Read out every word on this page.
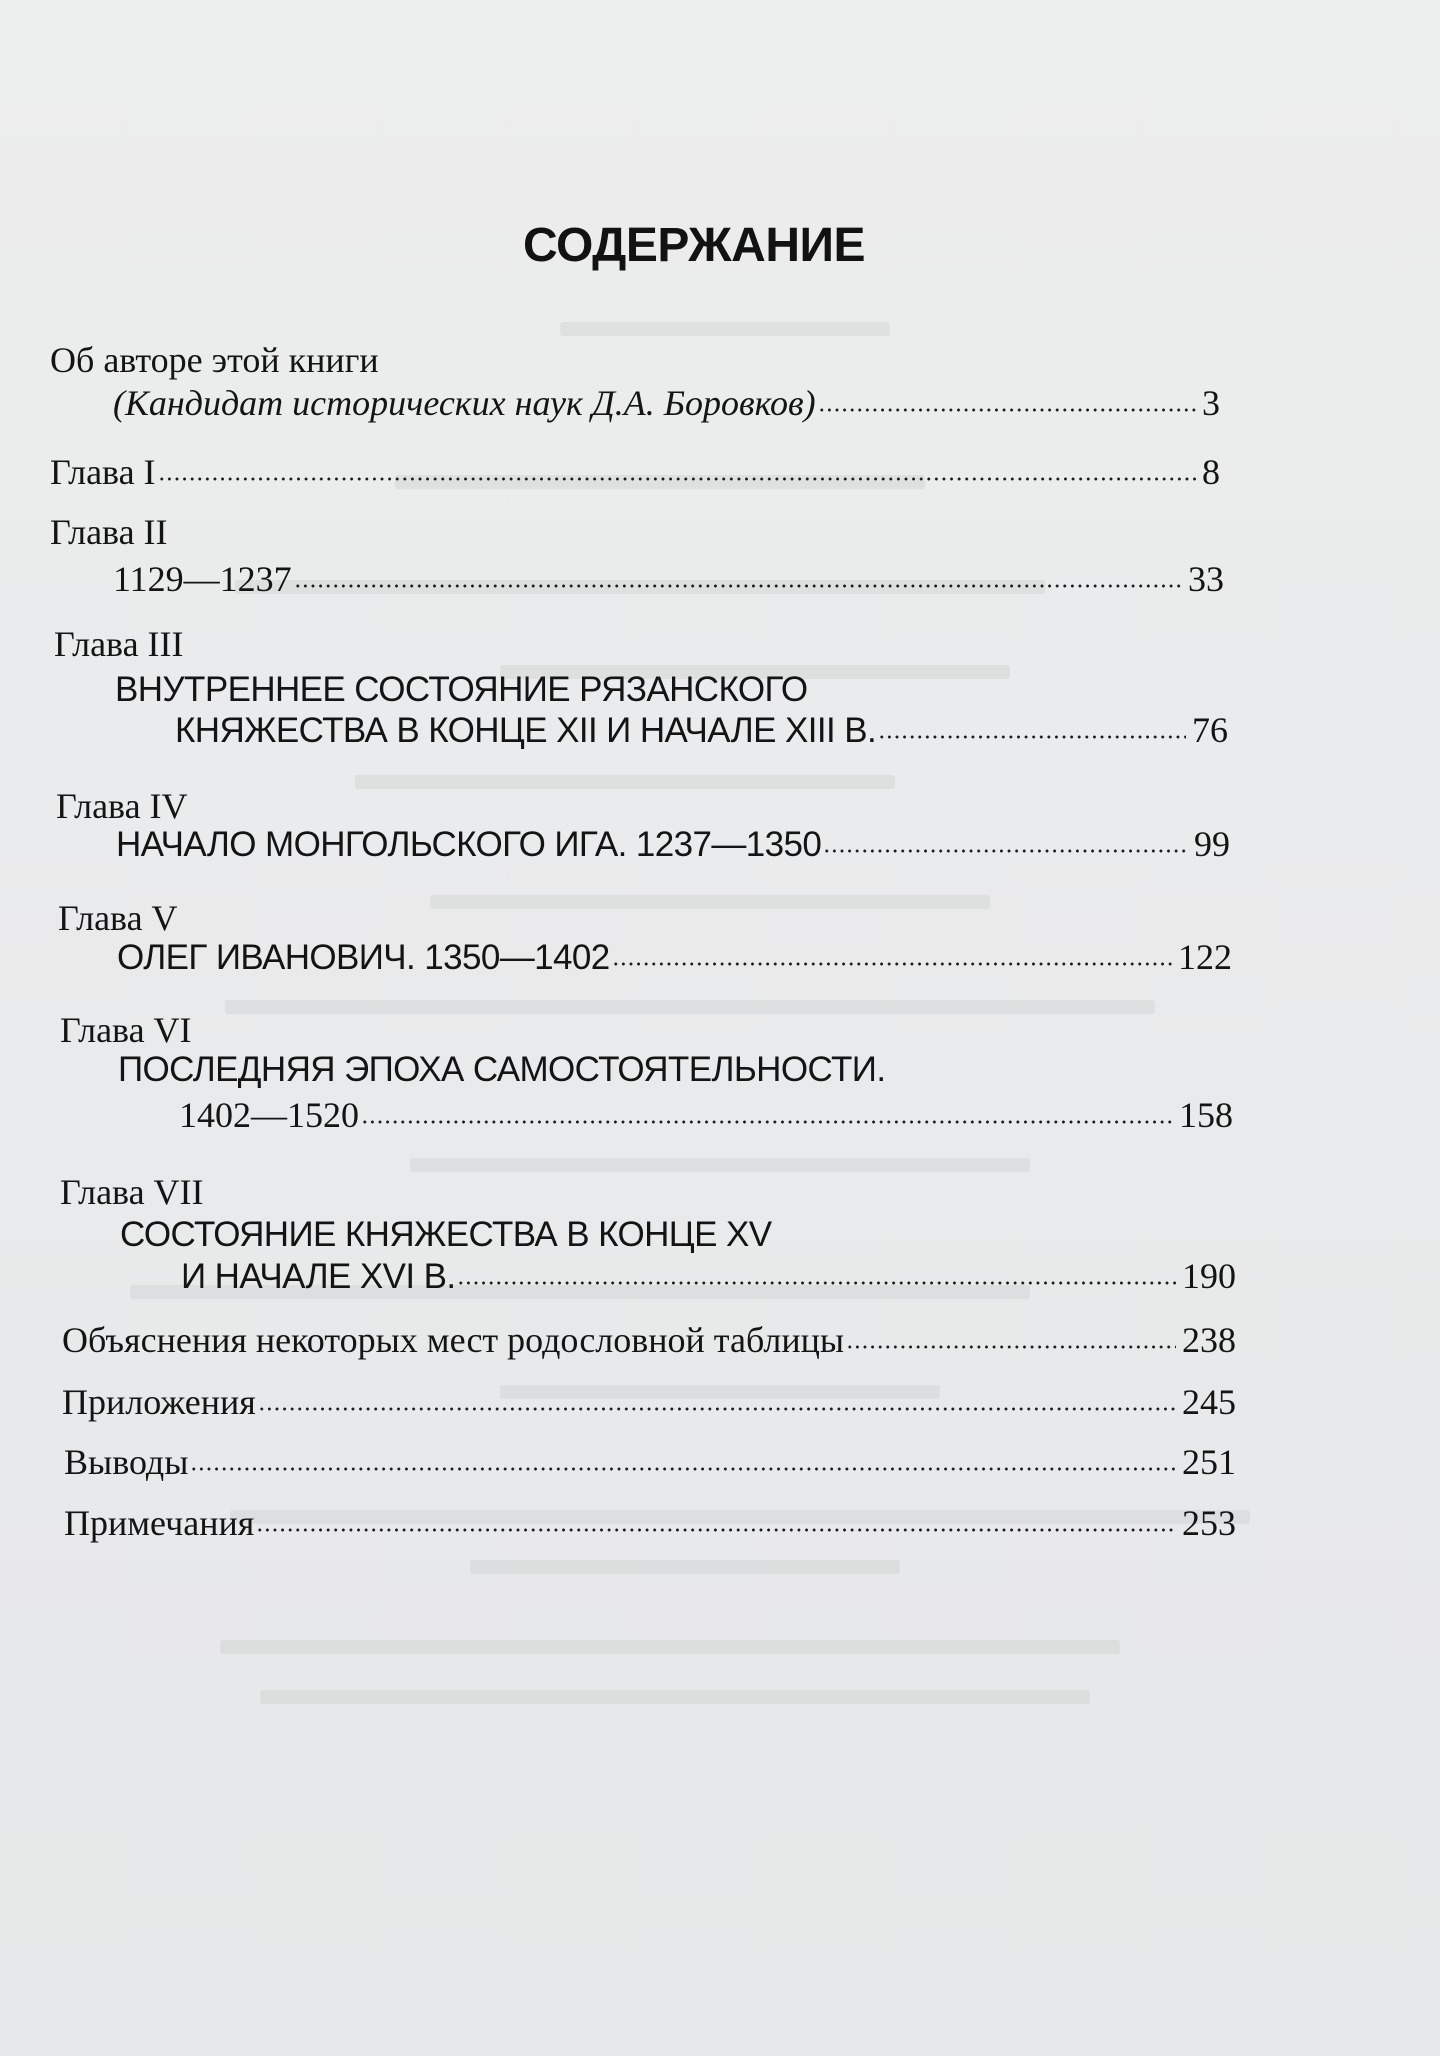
СОДЕРЖАНИЕ
Об авторе этой книги
(Кандидат исторических наук Д.А. Боровков)	3
Глава I	8
Глава II
1129—1237	33
Глава III
ВНУТРЕННЕЕ СОСТОЯНИЕ РЯЗАНСКОГО
КНЯЖЕСТВА В КОНЦЕ XII И НАЧАЛЕ XIII В.	76
Глава IV
НАЧАЛО МОНГОЛЬСКОГО ИГА. 1237—1350	99
Глава V
ОЛЕГ ИВАНОВИЧ. 1350—1402	122
Глава VI
ПОСЛЕДНЯЯ ЭПОХА САМОСТОЯТЕЛЬНОСТИ.
1402—1520	158
Глава VII
СОСТОЯНИЕ КНЯЖЕСТВА В КОНЦЕ XV
И НАЧАЛЕ XVI В.	190
Объяснения некоторых мест родословной таблицы	238
Приложения	245
Выводы	251
Примечания	253
